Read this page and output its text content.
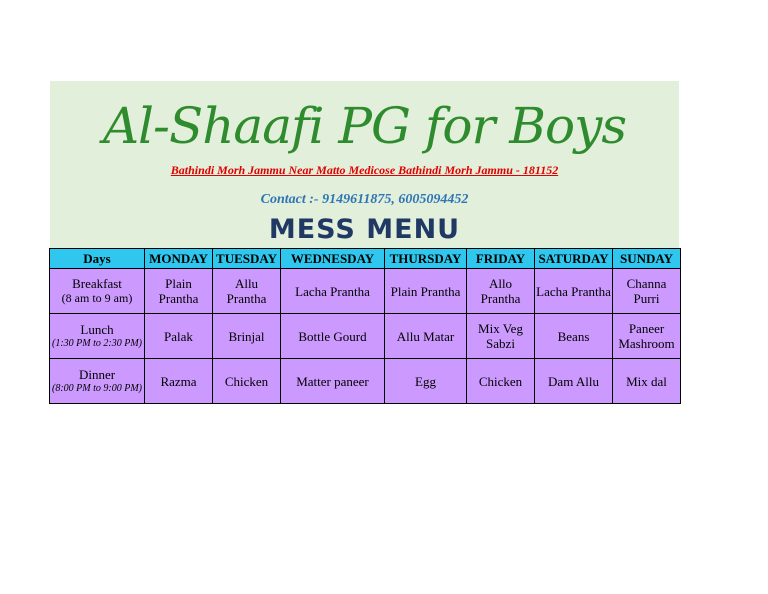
Al-Shaafi PG for Boys
Bathindi Morh Jammu Near Matto Medicose Bathindi Morh Jammu - 181152
Contact :- 9149611875, 6005094452
MESS MENU
Days	MONDAY	TUESDAY	WEDNESDAY	THURSDAY	FRIDAY	SATURDAY	SUNDAY

Breakfast
(8 am to 9 am)	Plain Prantha	Allu Prantha	Lacha Prantha	Plain Prantha	Allo Prantha	Lacha Prantha	Channa Purri

Lunch
(1:30 PM to 2:30 PM)	Palak	Brinjal	Bottle Gourd	Allu Matar	Mix Veg Sabzi	Beans	Paneer Mashroom

Dinner
(8:00 PM to 9:00 PM)	Razma	Chicken	Matter paneer	Egg	Chicken	Dam Allu	Mix dal
